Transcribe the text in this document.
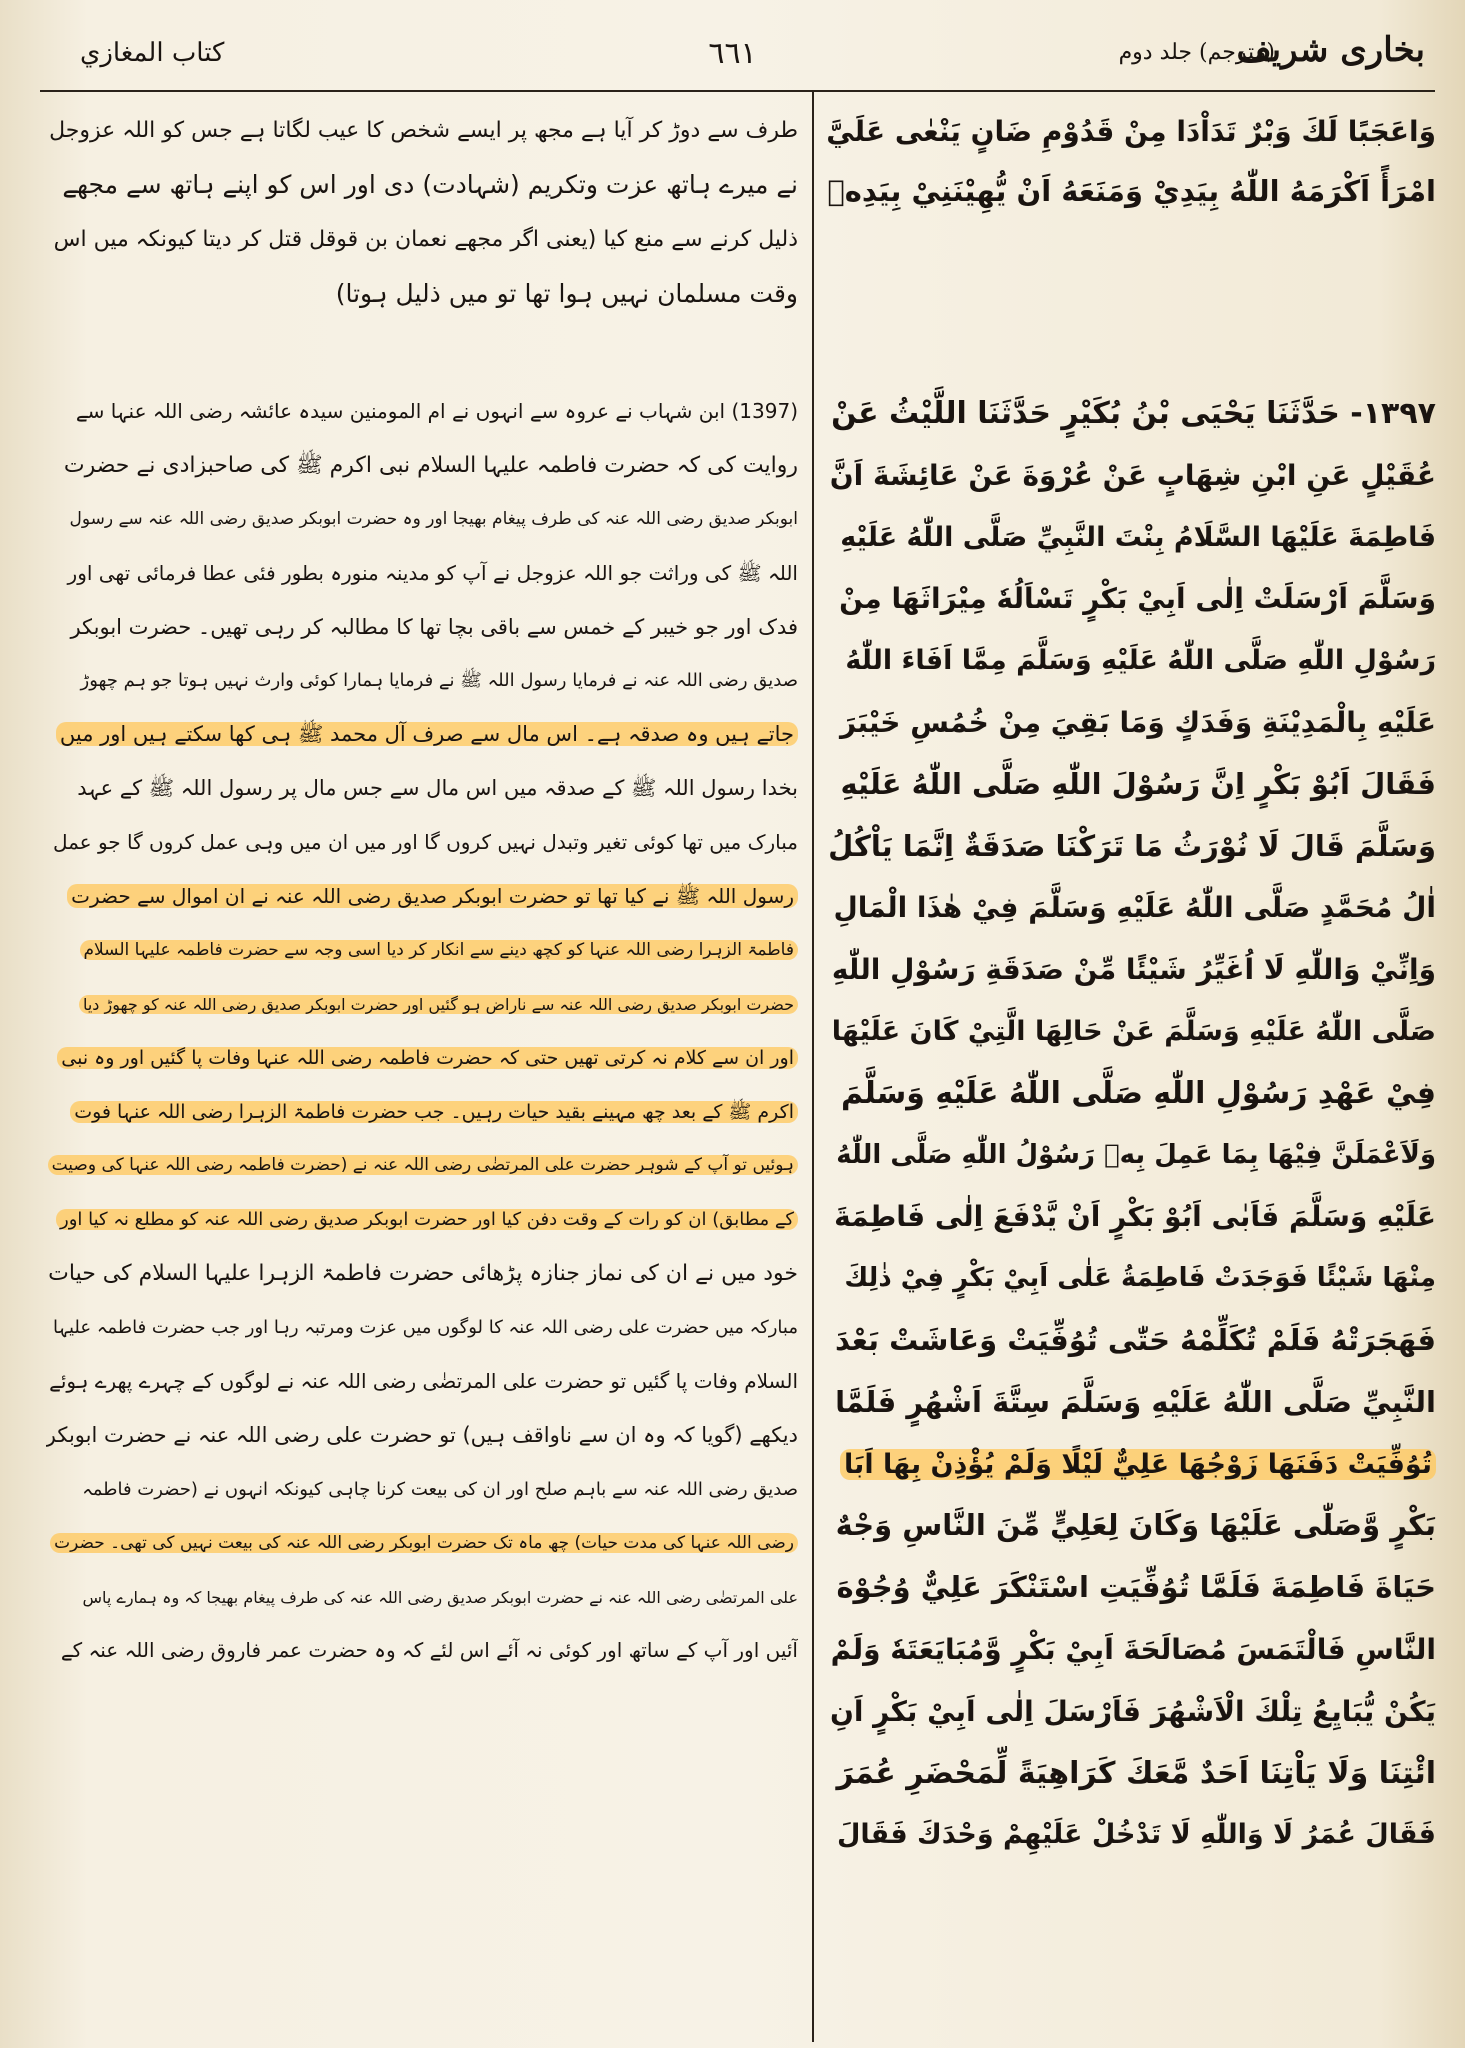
بخاری شریف
(مترجم) جلد دوم
٦٦١
كتاب المغازي
وَاعَجَبًا لَكَ وَبْرٌ تَدَاْدَا مِنْ قَدُوْمِ ضَانٍ يَنْعٰى عَلَيَّ
امْرَأً اَكْرَمَهُ اللّٰهُ بِيَدِيْ وَمَنَعَهُ اَنْ يُّهِيْنَنِيْ بِيَدِهٖ
١٣٩٧- حَدَّثَنَا يَحْيَى بْنُ بُكَيْرٍ حَدَّثَنَا اللَّيْثُ عَنْ
عُقَيْلٍ عَنِ ابْنِ شِهَابٍ عَنْ عُرْوَةَ عَنْ عَائِشَةَ اَنَّ
فَاطِمَةَ عَلَيْهَا السَّلَامُ بِنْتَ النَّبِيِّ صَلَّى اللّٰهُ عَلَيْهِ
وَسَلَّمَ اَرْسَلَتْ اِلٰى اَبِيْ بَكْرٍ تَسْاَلُهٗ مِيْرَاثَهَا مِنْ
رَسُوْلِ اللّٰهِ صَلَّى اللّٰهُ عَلَيْهِ وَسَلَّمَ مِمَّا اَفَاءَ اللّٰهُ
عَلَيْهِ بِالْمَدِيْنَةِ وَفَدَكٍ وَمَا بَقِيَ مِنْ خُمُسِ خَيْبَرَ
فَقَالَ اَبُوْ بَكْرٍ اِنَّ رَسُوْلَ اللّٰهِ صَلَّى اللّٰهُ عَلَيْهِ
وَسَلَّمَ قَالَ لَا نُوْرَثُ مَا تَرَكْنَا صَدَقَةٌ اِنَّمَا يَاْكُلُ
اٰلُ مُحَمَّدٍ صَلَّى اللّٰهُ عَلَيْهِ وَسَلَّمَ فِيْ هٰذَا الْمَالِ
وَاِنِّيْ وَاللّٰهِ لَا اُغَيِّرُ شَيْئًا مِّنْ صَدَقَةِ رَسُوْلِ اللّٰهِ
صَلَّى اللّٰهُ عَلَيْهِ وَسَلَّمَ عَنْ حَالِهَا الَّتِيْ كَانَ عَلَيْهَا
فِيْ عَهْدِ رَسُوْلِ اللّٰهِ صَلَّى اللّٰهُ عَلَيْهِ وَسَلَّمَ
وَلَاَعْمَلَنَّ فِيْهَا بِمَا عَمِلَ بِهٖ رَسُوْلُ اللّٰهِ صَلَّى اللّٰهُ
عَلَيْهِ وَسَلَّمَ فَاَبٰى اَبُوْ بَكْرٍ اَنْ يَّدْفَعَ اِلٰى فَاطِمَةَ
مِنْهَا شَيْئًا فَوَجَدَتْ فَاطِمَةُ عَلٰى اَبِيْ بَكْرٍ فِيْ ذٰلِكَ
فَهَجَرَتْهُ فَلَمْ تُكَلِّمْهُ حَتّٰى تُوُفِّيَتْ وَعَاشَتْ بَعْدَ
النَّبِيِّ صَلَّى اللّٰهُ عَلَيْهِ وَسَلَّمَ سِتَّةَ اَشْهُرٍ فَلَمَّا
تُوُفِّيَتْ دَفَنَهَا زَوْجُهَا عَلِيٌّ لَيْلًا وَلَمْ يُؤْذِنْ بِهَا اَبَا
بَكْرٍ وَّصَلّٰى عَلَيْهَا وَكَانَ لِعَلِيٍّ مِّنَ النَّاسِ وَجْهٌ
حَيَاةَ فَاطِمَةَ فَلَمَّا تُوُفِّيَتِ اسْتَنْكَرَ عَلِيٌّ وُجُوْهَ
النَّاسِ فَالْتَمَسَ مُصَالَحَةَ اَبِيْ بَكْرٍ وَّمُبَايَعَتَهٗ وَلَمْ
يَكُنْ يُّبَايِعُ تِلْكَ الْاَشْهُرَ فَاَرْسَلَ اِلٰى اَبِيْ بَكْرٍ اَنِ
ائْتِنَا وَلَا يَاْتِنَا اَحَدٌ مَّعَكَ كَرَاهِيَةً لِّمَحْضَرِ عُمَرَ
فَقَالَ عُمَرُ لَا وَاللّٰهِ لَا تَدْخُلْ عَلَيْهِمْ وَحْدَكَ فَقَالَ
طرف سے دوڑ کر آیا ہے مجھ پر ایسے شخص کا عیب لگاتا ہے جس کو اللہ عزوجل
نے میرے ہاتھ عزت وتکریم (شہادت) دی اور اس کو اپنے ہاتھ سے مجھے
ذلیل کرنے سے منع کیا (یعنی اگر مجھے نعمان بن قوقل قتل کر دیتا کیونکہ میں اس
وقت مسلمان نہیں ہوا تھا تو میں ذلیل ہوتا)
(1397) ابن شہاب نے عروہ سے انہوں نے ام المومنین سیدہ عائشہ رضی اللہ عنہا سے
روایت کی کہ حضرت فاطمہ علیہا السلام نبی اکرم ﷺ کی صاحبزادی نے حضرت
ابوبکر صدیق رضی اللہ عنہ کی طرف پیغام بھیجا اور وہ حضرت ابوبکر صدیق رضی اللہ عنہ سے رسول
اللہ ﷺ کی وراثت جو اللہ عزوجل نے آپ کو مدینہ منورہ بطور فئی عطا فرمائی تھی اور
فدک اور جو خیبر کے خمس سے باقی بچا تھا کا مطالبہ کر رہی تھیں۔ حضرت ابوبکر
صدیق رضی اللہ عنہ نے فرمایا رسول اللہ ﷺ نے فرمایا ہمارا کوئی وارث نہیں ہوتا جو ہم چھوڑ
جاتے ہیں وہ صدقہ ہے۔ اس مال سے صرف آل محمد ﷺ ہی کھا سکتے ہیں اور میں
بخدا رسول اللہ ﷺ کے صدقہ میں اس مال سے جس مال پر رسول اللہ ﷺ کے عہد
مبارک میں تھا کوئی تغیر وتبدل نہیں کروں گا اور میں ان میں وہی عمل کروں گا جو عمل
رسول اللہ ﷺ نے کیا تھا تو حضرت ابوبکر صدیق رضی اللہ عنہ نے ان اموال سے حضرت
فاطمۃ الزہرا رضی اللہ عنہا کو کچھ دینے سے انکار کر دیا اسی وجہ سے حضرت فاطمہ علیہا السلام
حضرت ابوبکر صدیق رضی اللہ عنہ سے ناراض ہو گئیں اور حضرت ابوبکر صدیق رضی اللہ عنہ کو چھوڑ دیا
اور ان سے کلام نہ کرتی تھیں حتی کہ حضرت فاطمہ رضی اللہ عنہا وفات پا گئیں اور وہ نبی
اکرم ﷺ کے بعد چھ مہینے بقید حیات رہیں۔ جب حضرت فاطمۃ الزہرا رضی اللہ عنہا فوت
ہوئیں تو آپ کے شوہر حضرت علی المرتضٰی رضی اللہ عنہ نے (حضرت فاطمہ رضی اللہ عنہا کی وصیت
کے مطابق) ان کو رات کے وقت دفن کیا اور حضرت ابوبکر صدیق رضی اللہ عنہ کو مطلع نہ کیا اور
خود میں نے ان کی نماز جنازہ پڑھائی حضرت فاطمۃ الزہرا علیہا السلام کی حیات
مبارکہ میں حضرت علی رضی اللہ عنہ کا لوگوں میں عزت ومرتبہ رہا اور جب حضرت فاطمہ علیہا
السلام وفات پا گئیں تو حضرت علی المرتضٰی رضی اللہ عنہ نے لوگوں کے چہرے پھرے ہوئے
دیکھے (گویا کہ وہ ان سے ناواقف ہیں) تو حضرت علی رضی اللہ عنہ نے حضرت ابوبکر
صدیق رضی اللہ عنہ سے باہم صلح اور ان کی بیعت کرنا چاہی کیونکہ انہوں نے (حضرت فاطمہ
رضی اللہ عنہا کی مدت حیات) چھ ماہ تک حضرت ابوبکر رضی اللہ عنہ کی بیعت نہیں کی تھی۔ حضرت
علی المرتضٰی رضی اللہ عنہ نے حضرت ابوبکر صدیق رضی اللہ عنہ کی طرف پیغام بھیجا کہ وہ ہمارے پاس
آئیں اور آپ کے ساتھ اور کوئی نہ آئے اس لئے کہ وہ حضرت عمر فاروق رضی اللہ عنہ کے
